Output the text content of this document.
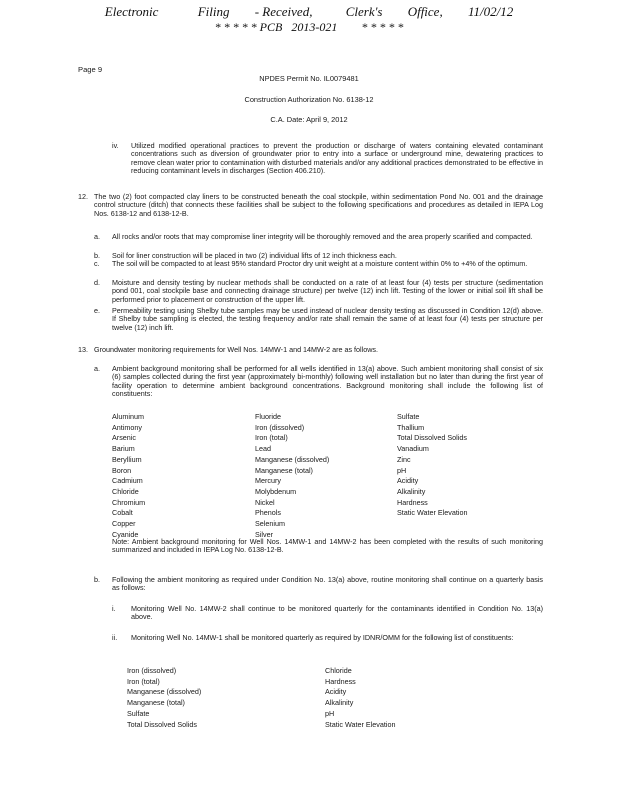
Electronic	Filing - Received,	Clerk's Office, 11/02/12
* * * * * PCB   2013-021        * * * * *
Page 9
NPDES Permit No. IL0079481
Construction Authorization No. 6138-12
C.A. Date: April 9, 2012
iv. Utilized modified operational practices to prevent the production or discharge of waters containing elevated contaminant concentrations such as diversion of groundwater prior to entry into a surface or underground mine, dewatering practices to remove clean water prior to contamination with disturbed materials and/or any additional practices demonstrated to be effective in reducing contaminant levels in discharges (Section 406.210).
12. The two (2) foot compacted clay liners to be constructed beneath the coal stockpile, within sedimentation Pond No. 001 and the drainage control structure (ditch) that connects these facilities shall be subject to the following specifications and procedures as detailed in IEPA Log Nos. 6138-12 and 6138-12-B.
a. All rocks and/or roots that may compromise liner integrity will be thoroughly removed and the area properly scarified and compacted.
b. Soil for liner construction will be placed in two (2) individual lifts of 12 inch thickness each.
c. The soil will be compacted to at least 95% standard Proctor dry unit weight at a moisture content within 0% to +4% of the optimum.
d. Moisture and density testing by nuclear methods shall be conducted on a rate of at least four (4) tests per structure (sedimentation pond 001, coal stockpile base and connecting drainage structure) per twelve (12) inch lift. Testing of the lower or initial soil lift shall be performed prior to placement or construction of the upper lift.
e. Permeability testing using Shelby tube samples may be used instead of nuclear density testing as discussed in Condition 12(d) above. If Shelby tube sampling is elected, the testing frequency and/or rate shall remain the same of at least four (4) tests per structure per twelve (12) inch lift.
13. Groundwater monitoring requirements for Well Nos. 14MW-1 and 14MW-2 are as follows.
a. Ambient background monitoring shall be performed for all wells identified in 13(a) above. Such ambient monitoring shall consist of six (6) samples collected during the first year (approximately bi-monthly) following well installation but no later than during the first year of facility operation to determine ambient background concentrations. Background monitoring shall include the following list of constituents:
Aluminum
Antimony
Arsenic
Barium
Beryllium
Boron
Cadmium
Chloride
Chromium
Cobalt
Copper
Cyanide
Fluoride
Iron (dissolved)
Iron (total)
Lead
Manganese (dissolved)
Manganese (total)
Mercury
Molybdenum
Nickel
Phenols
Selenium
Silver
Sulfate
Thallium
Total Dissolved Solids
Vanadium
Zinc
pH
Acidity
Alkalinity
Hardness
Static Water Elevation
Note: Ambient background monitoring for Well Nos. 14MW-1 and 14MW-2 has been completed with the results of such monitoring summarized and included in IEPA Log No. 6138-12-B.
b. Following the ambient monitoring as required under Condition No. 13(a) above, routine monitoring shall continue on a quarterly basis as follows:
i. Monitoring Well No. 14MW-2 shall continue to be monitored quarterly for the contaminants identified in Condition No. 13(a) above.
ii. Monitoring Well No. 14MW-1 shall be monitored quarterly as required by IDNR/OMM for the following list of constituents:
Iron (dissolved)
Iron (total)
Manganese (dissolved)
Manganese (total)
Sulfate
Total Dissolved Solids
Chloride
Hardness
Acidity
Alkalinity
pH
Static Water Elevation
